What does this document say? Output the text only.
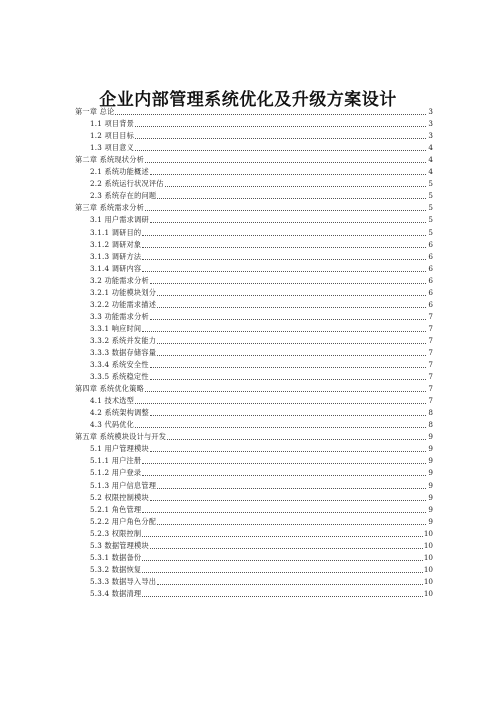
企业内部管理系统优化及升级方案设计
第一章 总论	3
1.1 项目背景	3
1.2 项目目标	3
1.3 项目意义	4
第二章 系统现状分析	4
2.1 系统功能概述	4
2.2 系统运行状况评估	5
2.3 系统存在的问题	5
第三章 系统需求分析	5
3.1 用户需求调研	5
3.1.1 调研目的	5
3.1.2 调研对象	6
3.1.3 调研方法	6
3.1.4 调研内容	6
3.2 功能需求分析	6
3.2.1 功能模块划分	6
3.2.2 功能需求描述	6
3.3 功能需求分析	7
3.3.1 响应时间	7
3.3.2 系统并发能力	7
3.3.3 数据存储容量	7
3.3.4 系统安全性	7
3.3.5 系统稳定性	7
第四章 系统优化策略	7
4.1 技术选型	7
4.2 系统架构调整	8
4.3 代码优化	8
第五章 系统模块设计与开发	9
5.1 用户管理模块	9
5.1.1 用户注册	9
5.1.2 用户登录	9
5.1.3 用户信息管理	9
5.2 权限控制模块	9
5.2.1 角色管理	9
5.2.2 用户角色分配	9
5.2.3 权限控制	10
5.3 数据管理模块	10
5.3.1 数据备份	10
5.3.2 数据恢复	10
5.3.3 数据导入导出	10
5.3.4 数据清理	10
